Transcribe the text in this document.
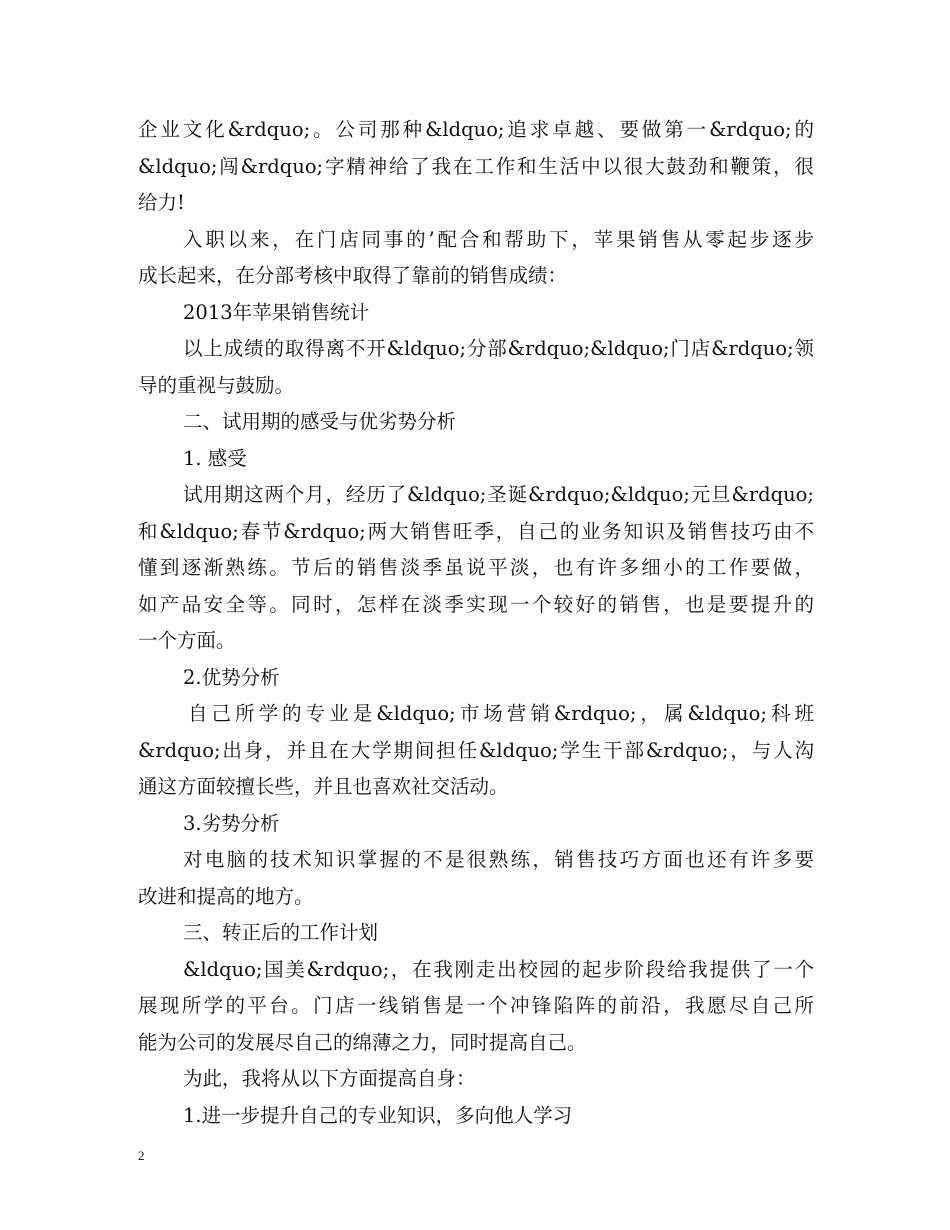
企业文化&rdquo;。公司那种&ldquo;追求卓越、要做第一&rdquo;的
&ldquo;闯&rdquo;字精神给了我在工作和生活中以很大鼓劲和鞭策，很
给力!
入职以来，在门店同事的’配合和帮助下，苹果销售从零起步逐步
成长起来，在分部考核中取得了靠前的销售成绩：
2013年苹果销售统计
以上成绩的取得离不开&ldquo;分部&rdquo;&ldquo;门店&rdquo;领
导的重视与鼓励。
二、试用期的感受与优劣势分析
1. 感受
试用期这两个月，经历了&ldquo;圣诞&rdquo;&ldquo;元旦&rdquo;
和&ldquo;春节&rdquo;两大销售旺季，自己的业务知识及销售技巧由不
懂到逐渐熟练。节后的销售淡季虽说平淡，也有许多细小的工作要做，
如产品安全等。同时，怎样在淡季实现一个较好的销售，也是要提升的
一个方面。
2.优势分析
自己所学的专业是&ldquo;市场营销&rdquo;，属&ldquo;科班
&rdquo;出身，并且在大学期间担任&ldquo;学生干部&rdquo;，与人沟
通这方面较擅长些，并且也喜欢社交活动。
3.劣势分析
对电脑的技术知识掌握的不是很熟练，销售技巧方面也还有许多要
改进和提高的地方。
三、转正后的工作计划
&ldquo;国美&rdquo;，在我刚走出校园的起步阶段给我提供了一个
展现所学的平台。门店一线销售是一个冲锋陷阵的前沿，我愿尽自己所
能为公司的发展尽自己的绵薄之力，同时提高自己。
为此，我将从以下方面提高自身：
1.进一步提升自己的专业知识，多向他人学习
2
